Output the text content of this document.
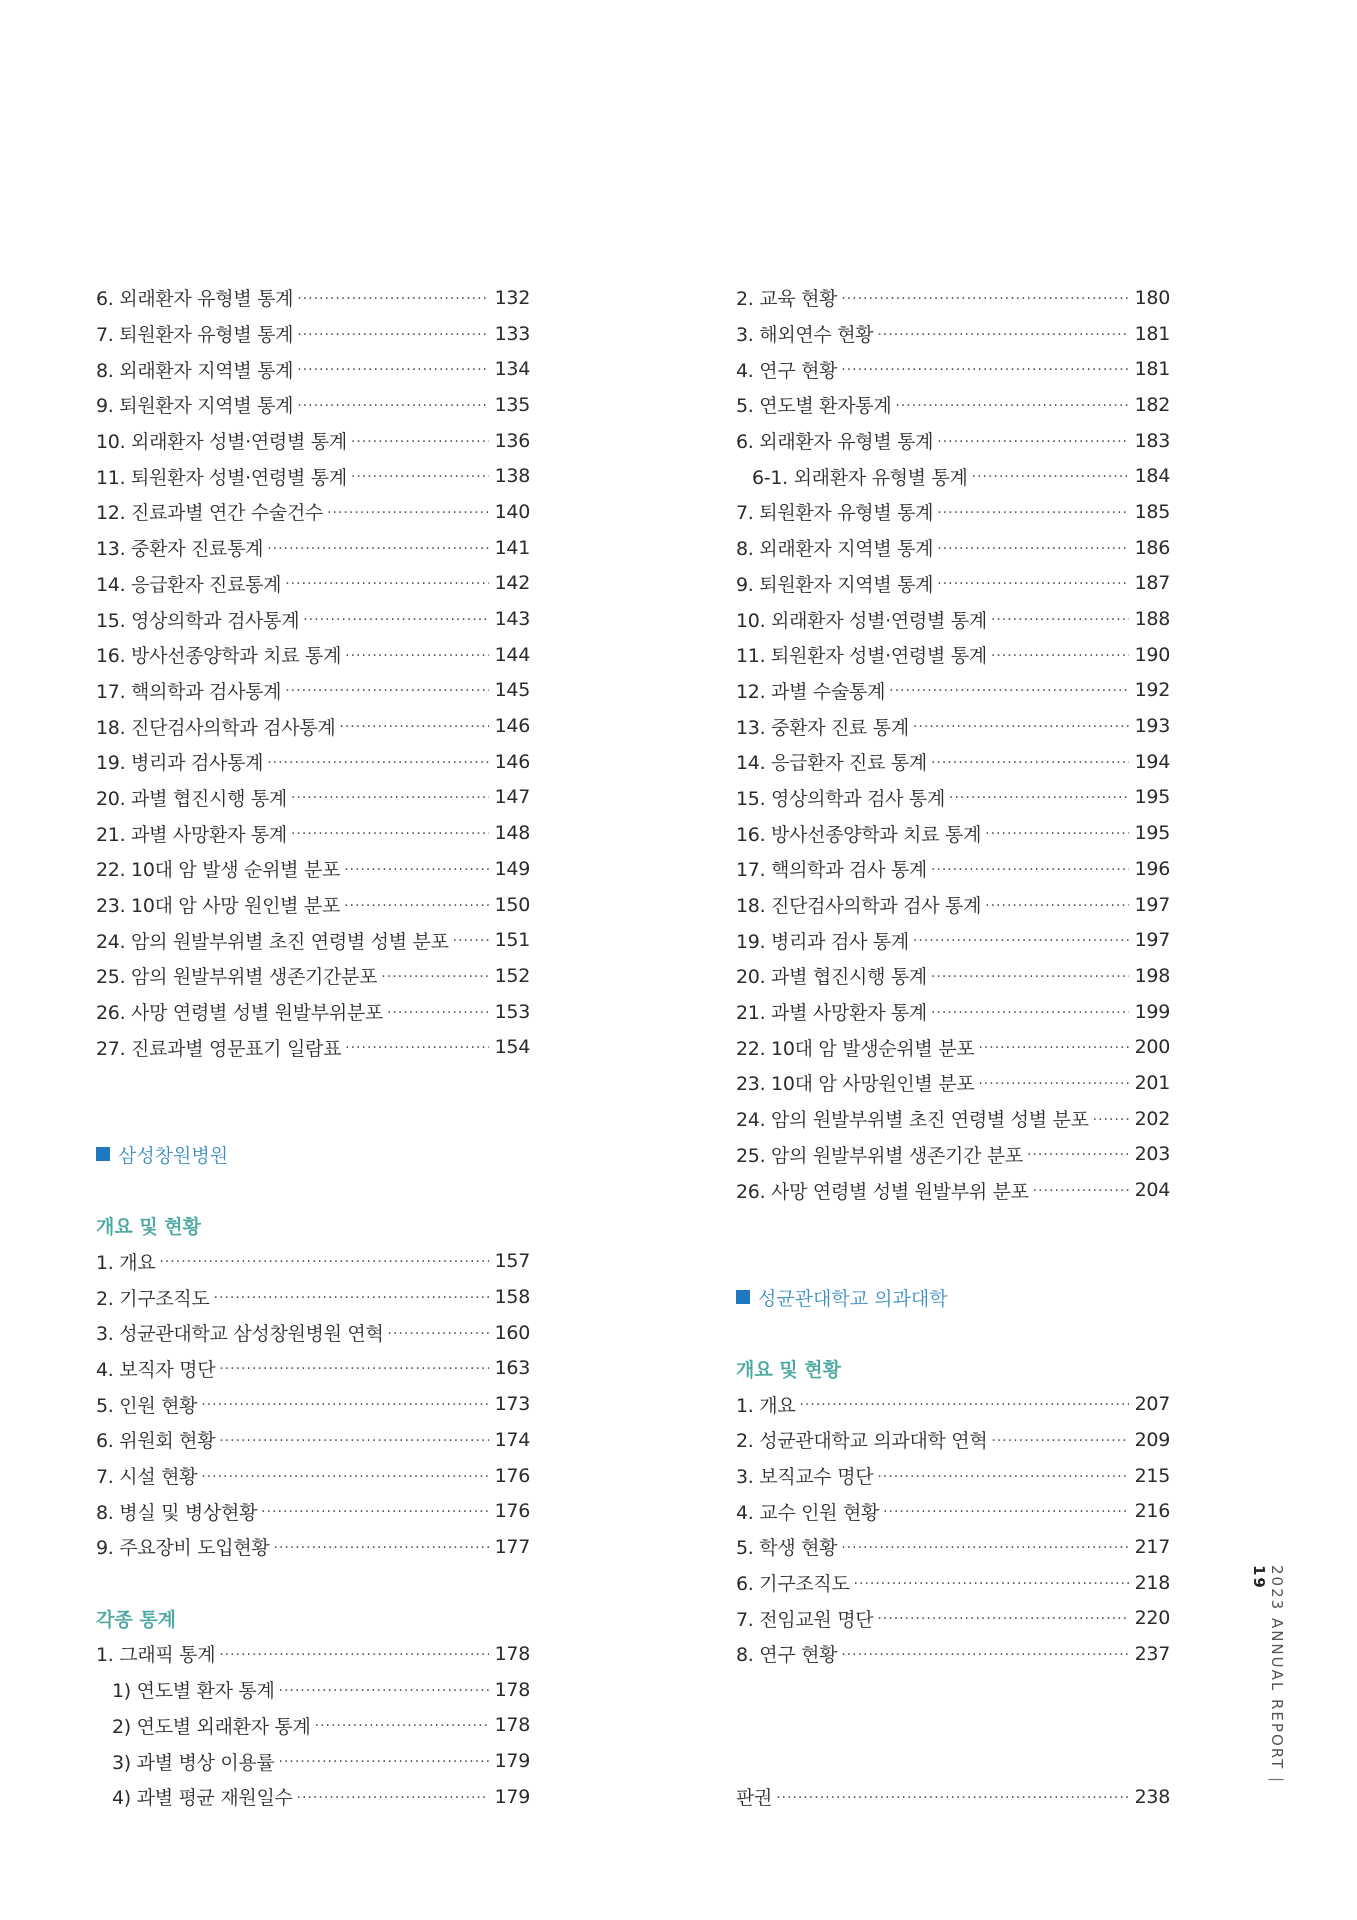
6. 외래환자 유형별 통계 ·····	132
7. 퇴원환자 유형별 통계 ·····	133
8. 외래환자 지역별 통계 ·····	134
9. 퇴원환자 지역별 통계 ·····	135
10. 외래환자 성별·연령별 통계 ·····	136
11. 퇴원환자 성별·연령별 통계 ·····	138
12. 진료과별 연간 수술건수 ·····	140
13. 중환자 진료통계 ·····	141
14. 응급환자 진료통계 ·····	142
15. 영상의학과 검사통계 ·····	143
16. 방사선종양학과 치료 통계 ·····	144
17. 핵의학과 검사통계 ·····	145
18. 진단검사의학과 검사통계 ·····	146
19. 병리과 검사통계 ·····	146
20. 과별 협진시행 통계 ·····	147
21. 과별 사망환자 통계 ·····	148
22. 10대 암 발생 순위별 분포 ·····	149
23. 10대 암 사망 원인별 분포 ·····	150
24. 암의 원발부위별 초진 연령별 성별 분포 ····· 151
25. 암의 원발부위별 생존기간분포 ·····	152
26. 사망 연령별 성별 원발부위분포 ·····	153
27. 진료과별 영문표기 일람표 ·····	154
삼성창원병원
개요 및 현황
1. 개요 ·····	157
2. 기구조직도 ·····	158
3. 성균관대학교 삼성창원병원 연혁 ·····	160
4. 보직자 명단 ·····	163
5. 인원 현황 ·····	173
6. 위원회 현황 ·····	174
7. 시설 현황 ·····	176
8. 병실 및 병상현황 ·····	176
9. 주요장비 도입현황 ·····	177
각종 통계
1. 그래픽 통계 ·····	178
1) 연도별 환자 통계 ·····	178
2) 연도별 외래환자 통계 ·····	178
3) 과별 병상 이용률 ·····	179
4) 과별 평균 재원일수 ·····	179
2. 교육 현황 ·····	180
3. 해외연수 현황 ·····	181
4. 연구 현황 ·····	181
5. 연도별 환자통계 ·····	182
6. 외래환자 유형별 통계 ·····	183
6-1. 외래환자 유형별 통계 ·····	184
7. 퇴원환자 유형별 통계 ·····	185
8. 외래환자 지역별 통계 ·····	186
9. 퇴원환자 지역별 통계 ·····	187
10. 외래환자 성별·연령별 통계 ·····	188
11. 퇴원환자 성별·연령별 통계 ·····	190
12. 과별 수술통계 ·····	192
13. 중환자 진료 통계 ·····	193
14. 응급환자 진료 통계 ·····	194
15. 영상의학과 검사 통계 ·····	195
16. 방사선종양학과 치료 통계 ·····	195
17. 핵의학과 검사 통계 ·····	196
18. 진단검사의학과 검사 통계 ·····	197
19. 병리과 검사 통계 ·····	197
20. 과별 협진시행 통계 ·····	198
21. 과별 사망환자 통계 ·····	199
22. 10대 암 발생순위별 분포 ·····	200
23. 10대 암 사망원인별 분포 ·····	201
24. 암의 원발부위별 초진 연령별 성별 분포 ····· 202
25. 암의 원발부위별 생존기간 분포 ·····	203
26. 사망 연령별 성별 원발부위 분포 ·····	204
성균관대학교 의과대학
개요 및 현황
1. 개요 ·····	207
2. 성균관대학교 의과대학 연혁 ·····	209
3. 보직교수 명단 ·····	215
4. 교수 인원 현황 ·····	216
5. 학생 현황 ·····	217
6. 기구조직도 ·····	218
7. 전임교원 명단 ·····	220
8. 연구 현황 ·····	237
판권 ·····	238
2023 ANNUAL REPORT | 19
